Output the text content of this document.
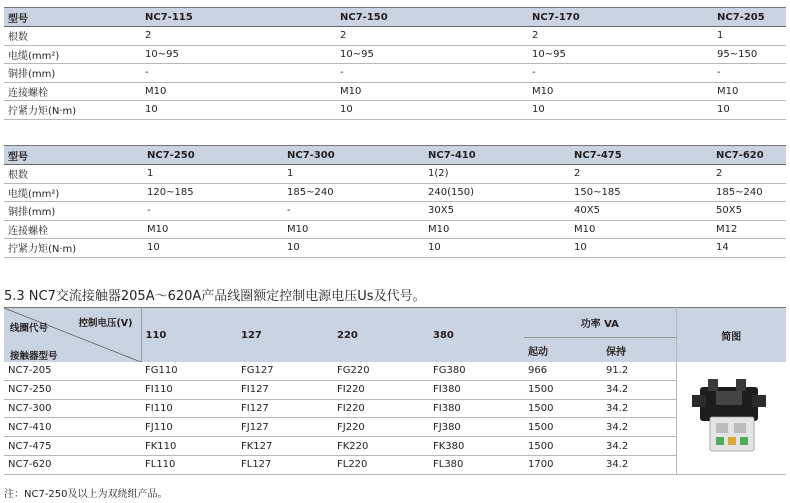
型号	NC7-115	NC7-150	NC7-170	NC7-205
根数	2	2	2	1
电缆(mm²)	10~95	10~95	10~95	95~150
铜排(mm)	-	-	-	-
连接螺栓	M10	M10	M10	M10
拧紧力矩(N·m)	10	10	10	10
型号	NC7-250	NC7-300	NC7-410	NC7-475	NC7-620
根数	1	1	1(2)	2	2
电缆(mm²)	120~185	185~240	240(150)	150~185	185~240
铜排(mm)	-	-	30X5	40X5	50X5
连接螺栓	M10	M10	M10	M10	M12
拧紧力矩(N·m)	10	10	10	10	14
5.3 NC7交流接触器205A～620A产品线圈额定控制电源电压Us及代号。
控制电压(V)
线圈代号
接触器型号	110	127	220	380	功率 VA		简图
					起动	保持	
NC7-205	FG110	FG127	FG220	FG380	966	91.2	
NC7-250	FI110	FI127	FI220	FI380	1500	34.2	
NC7-300	FI110	FI127	FI220	FI380	1500	34.2	
NC7-410	FJ110	FJ127	FJ220	FJ380	1500	34.2	
NC7-475	FK110	FK127	FK220	FK380	1500	34.2	
NC7-620	FL110	FL127	FL220	FL380	1700	34.2	
注：NC7-250及以上为双绕组产品。
